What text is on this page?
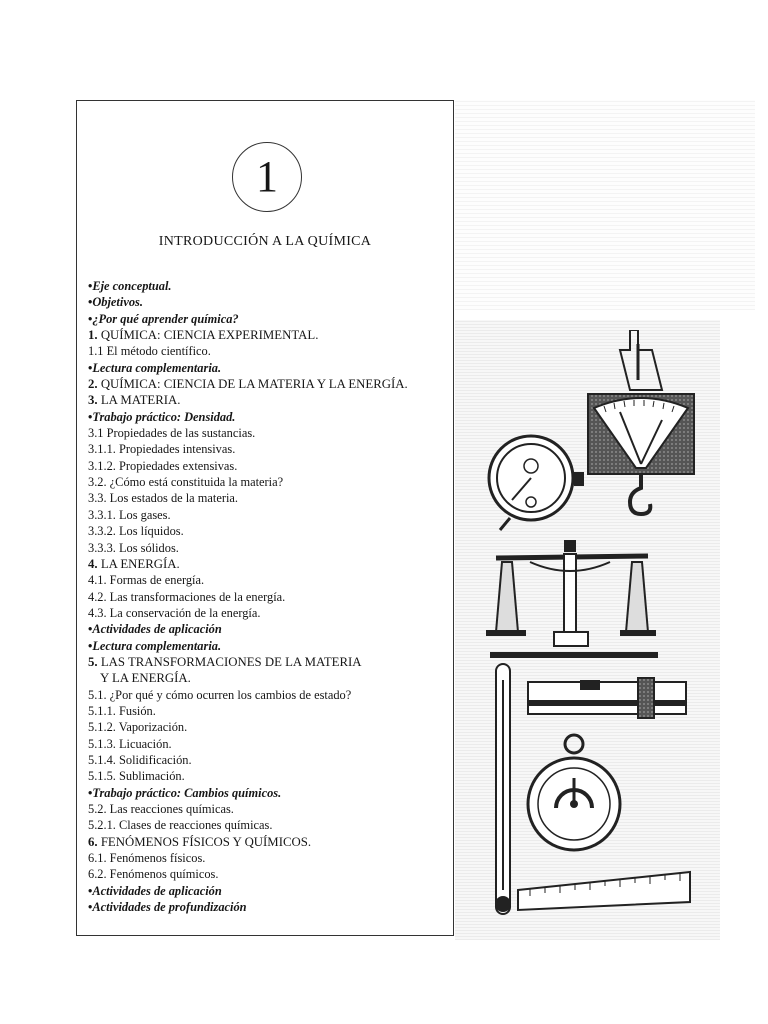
1
INTRODUCCIÓN A LA QUÍMICA
•Eje conceptual.
•Objetivos.
•¿Por qué aprender química?
1. QUÍMICA: CIENCIA EXPERIMENTAL.
1.1 El método científico.
•Lectura complementaria.
2. QUÍMICA: CIENCIA DE LA MATERIA Y LA ENERGÍA.
3. LA MATERIA.
•Trabajo práctico: Densidad.
3.1 Propiedades de las sustancias.
3.1.1. Propiedades intensivas.
3.1.2. Propiedades extensivas.
3.2. ¿Cómo está constituida la materia?
3.3. Los estados de la materia.
3.3.1. Los gases.
3.3.2. Los líquidos.
3.3.3. Los sólidos.
4. LA ENERGÍA.
4.1. Formas de energía.
4.2. Las transformaciones de la energía.
4.3. La conservación de la energía.
•Actividades de aplicación
•Lectura complementaria.
5. LAS TRANSFORMACIONES DE LA MATERIA
Y LA ENERGÍA.
5.1. ¿Por qué y cómo ocurren los cambios de estado?
5.1.1. Fusión.
5.1.2. Vaporización.
5.1.3. Licuación.
5.1.4. Solidificación.
5.1.5. Sublimación.
•Trabajo práctico: Cambios químicos.
5.2. Las reacciones químicas.
5.2.1. Clases de reacciones químicas.
6. FENÓMENOS FÍSICOS Y QUÍMICOS.
6.1. Fenómenos físicos.
6.2. Fenómenos químicos.
•Actividades de aplicación
•Actividades de profundización
